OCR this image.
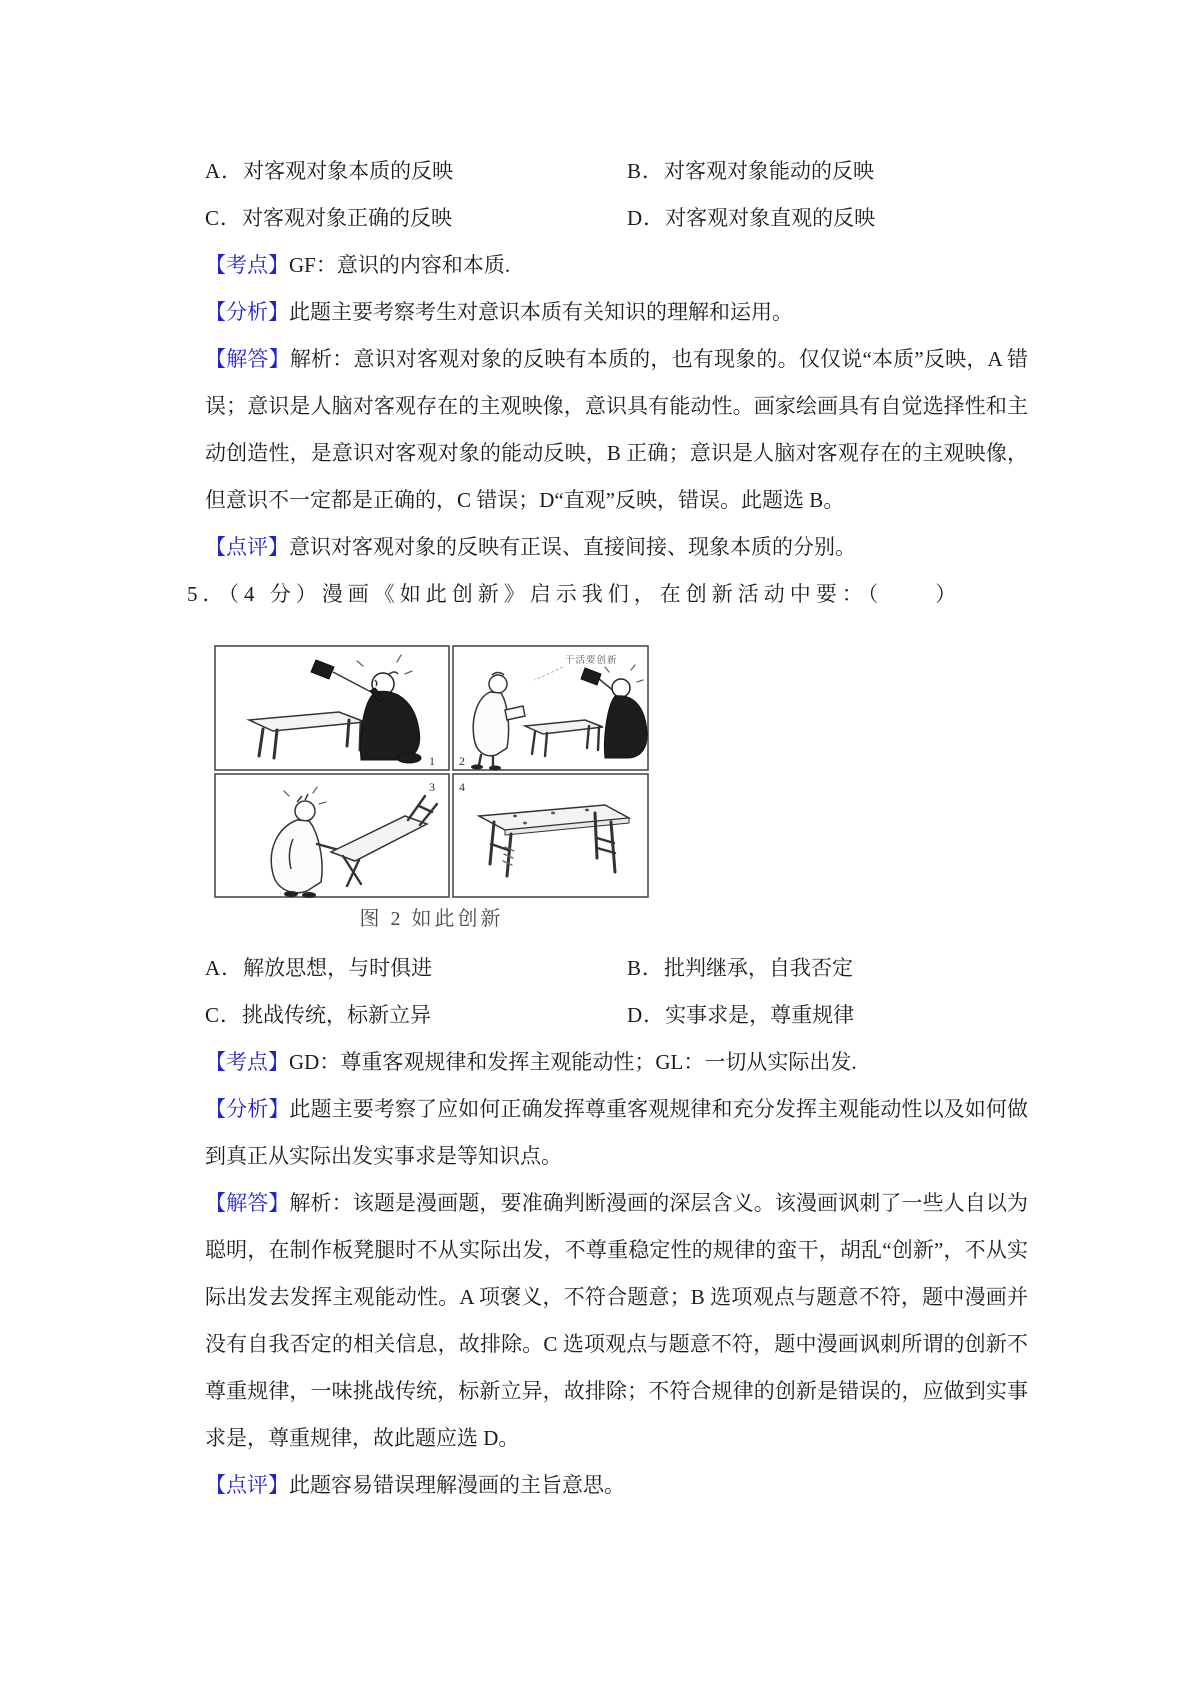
A．对客观对象本质的反映	B．对客观对象能动的反映
C．对客观对象正确的反映	D．对客观对象直观的反映
【考点】GF：意识的内容和本质.
【分析】此题主要考察考生对意识本质有关知识的理解和运用。
【解答】解析：意识对客观对象的反映有本质的，也有现象的。仅仅说“本质”反映，A 错误；意识是人脑对客观存在的主观映像，意识具有能动性。画家绘画具有自觉选择性和主动创造性，是意识对客观对象的能动反映，B 正确；意识是人脑对客观存在的主观映像，但意识不一定都是正确的，C 错误；D“直观”反映，错误。此题选 B。
【点评】意识对客观对象的反映有正误、直接间接、现象本质的分别。
5．（4 分）漫画《如此创新》启示我们，在创新活动中要：（　　）
1
干活要创新
2
3 4
图 2 如此创新
A．解放思想，与时俱进	B．批判继承，自我否定
C．挑战传统，标新立异	D．实事求是，尊重规律
【考点】GD：尊重客观规律和发挥主观能动性；GL：一切从实际出发.
【分析】此题主要考察了应如何正确发挥尊重客观规律和充分发挥主观能动性以及如何做到真正从实际出发实事求是等知识点。
【解答】解析：该题是漫画题，要准确判断漫画的深层含义。该漫画讽刺了一些人自以为聪明，在制作板凳腿时不从实际出发，不尊重稳定性的规律的蛮干，胡乱“创新”，不从实际出发去发挥主观能动性。A 项褒义，不符合题意；B 选项观点与题意不符，题中漫画并没有自我否定的相关信息，故排除。C 选项观点与题意不符，题中漫画讽刺所谓的创新不尊重规律，一味挑战传统，标新立异，故排除；不符合规律的创新是错误的，应做到实事求是，尊重规律，故此题应选 D。
【点评】此题容易错误理解漫画的主旨意思。
